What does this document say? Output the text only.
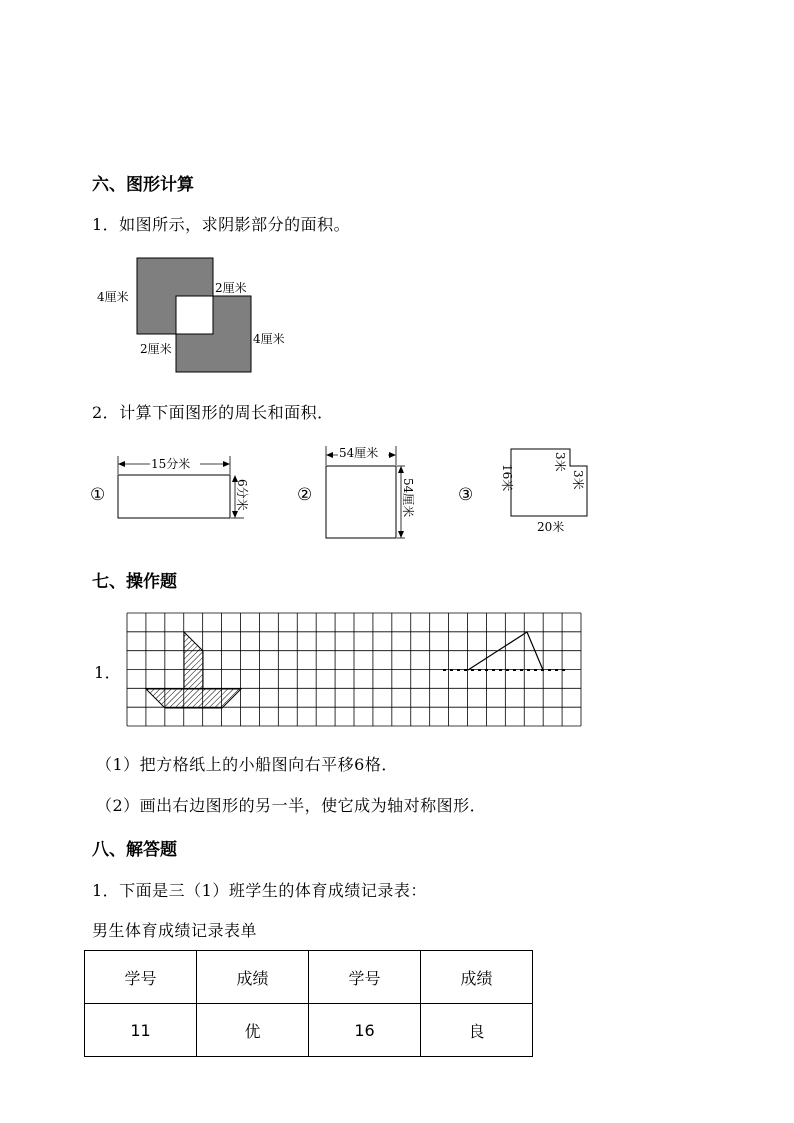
六、图形计算
1．如图所示，求阴影部分的面积。
4厘米
2厘米
2厘米
4厘米
2．计算下面图形的周长和面积．
①
15分米
6分米	②
54厘米
54厘米	③
16米
3米
3米
20米
七、操作题
1．
（1）把方格纸上的小船图向右平移6格．
（2）画出右边图形的另一半，使它成为轴对称图形．
八、解答题
1．下面是三（1）班学生的体育成绩记录表：
男生体育成绩记录表单
学号	成绩	学号	成绩
11	优	16	良
